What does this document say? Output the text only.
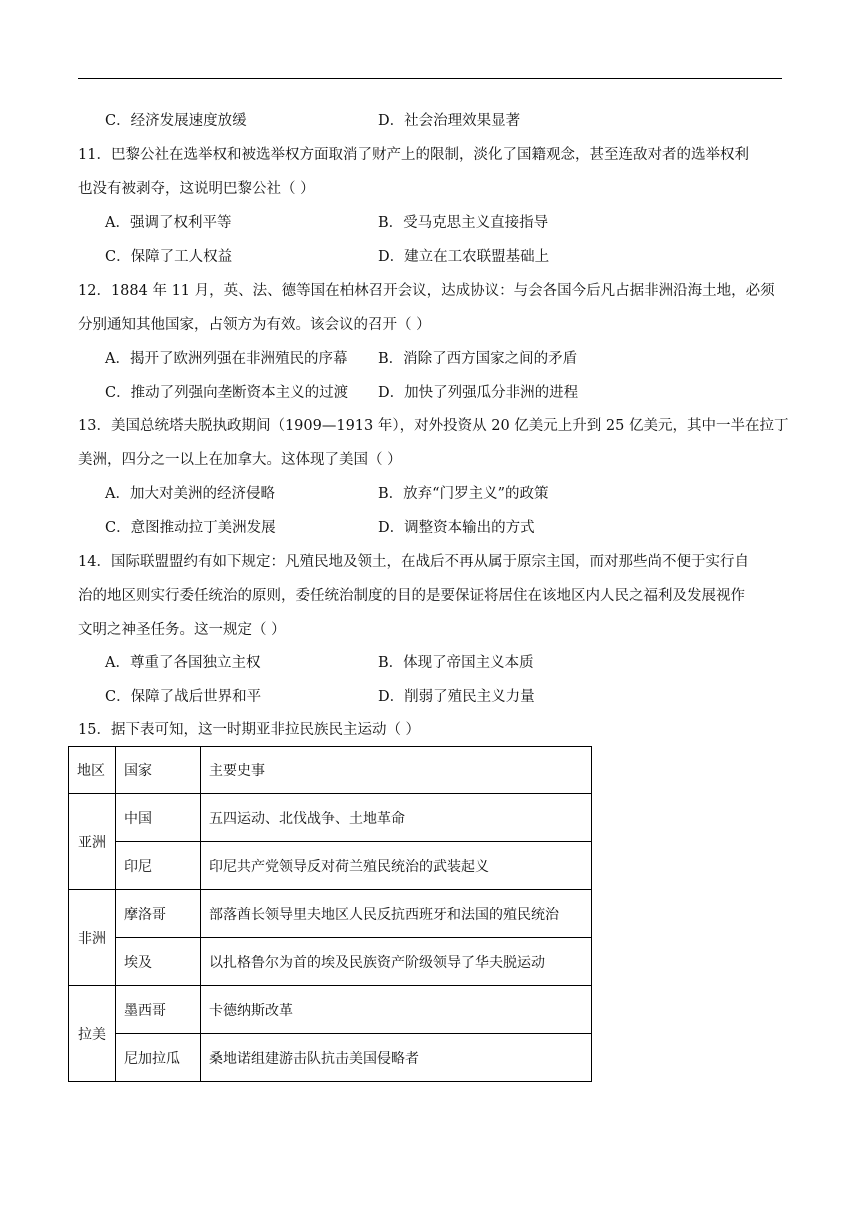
C．经济发展速度放缓	D．社会治理效果显著
11．巴黎公社在选举权和被选举权方面取消了财产上的限制，淡化了国籍观念，甚至连敌对者的选举权利
也没有被剥夺，这说明巴黎公社（ ）
A．强调了权利平等	B．受马克思主义直接指导
C．保障了工人权益	D．建立在工农联盟基础上
12．1884 年 11 月，英、法、德等国在柏林召开会议，达成协议：与会各国今后凡占据非洲沿海土地，必须
分别通知其他国家，占领方为有效。该会议的召开（ ）
A．揭开了欧洲列强在非洲殖民的序幕 B．消除了西方国家之间的矛盾
C．推动了列强向垄断资本主义的过渡 D．加快了列强瓜分非洲的进程
13．美国总统塔夫脱执政期间（1909—1913 年），对外投资从 20 亿美元上升到 25 亿美元，其中一半在拉丁
美洲，四分之一以上在加拿大。这体现了美国（ ）
A．加大对美洲的经济侵略	B．放弃“门罗主义”的政策
C．意图推动拉丁美洲发展	D．调整资本输出的方式
14．国际联盟盟约有如下规定：凡殖民地及领土，在战后不再从属于原宗主国，而对那些尚不便于实行自
治的地区则实行委任统治的原则，委任统治制度的目的是要保证将居住在该地区内人民之福利及发展视作
文明之神圣任务。这一规定（ ）
A．尊重了各国独立主权	B．体现了帝国主义本质
C．保障了战后世界和平	D．削弱了殖民主义力量
15．据下表可知，这一时期亚非拉民族民主运动（ ）
地区	国家	主要史事
亚洲	中国	五四运动、北伐战争、土地革命
	印尼	印尼共产党领导反对荷兰殖民统治的武装起义
非洲	摩洛哥	部落酋长领导里夫地区人民反抗西班牙和法国的殖民统治
	埃及	以扎格鲁尔为首的埃及民族资产阶级领导了华夫脱运动
拉美	墨西哥	卡德纳斯改革
	尼加拉瓜	桑地诺组建游击队抗击美国侵略者
